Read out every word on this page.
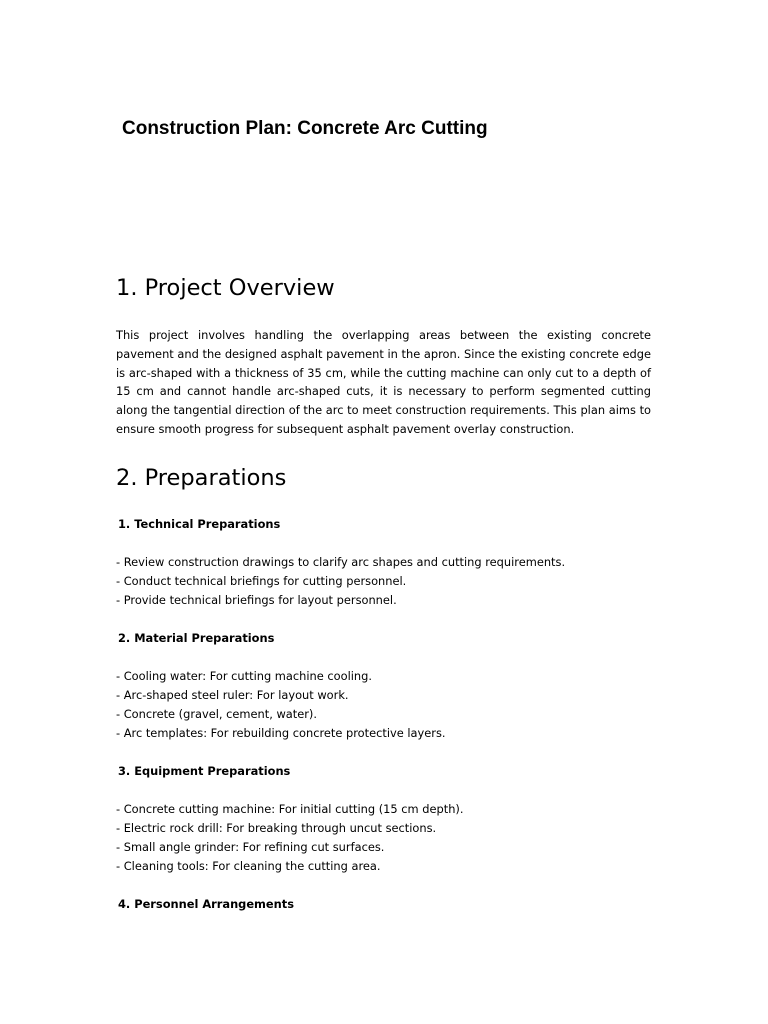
Construction Plan: Concrete Arc Cutting
1. Project Overview

This project involves handling the overlapping areas between the existing concrete pavement and the designed asphalt pavement in the apron. Since the existing concrete edge is arc-shaped with a thickness of 35 cm, while the cutting machine can only cut to a depth of 15 cm and cannot handle arc-shaped cuts, it is necessary to perform segmented cutting along the tangential direction of the arc to meet construction requirements. This plan aims to ensure smooth progress for subsequent asphalt pavement overlay construction.

2. Preparations
1. Technical Preparations
- Review construction drawings to clarify arc shapes and cutting requirements.
- Conduct technical briefings for cutting personnel.
- Provide technical briefings for layout personnel.
2. Material Preparations
- Cooling water: For cutting machine cooling.
- Arc-shaped steel ruler: For layout work.
- Concrete (gravel, cement, water).
- Arc templates: For rebuilding concrete protective layers.
3. Equipment Preparations
- Concrete cutting machine: For initial cutting (15 cm depth).
- Electric rock drill: For breaking through uncut sections.
- Small angle grinder: For refining cut surfaces.
- Cleaning tools: For cleaning the cutting area.
4. Personnel Arrangements
